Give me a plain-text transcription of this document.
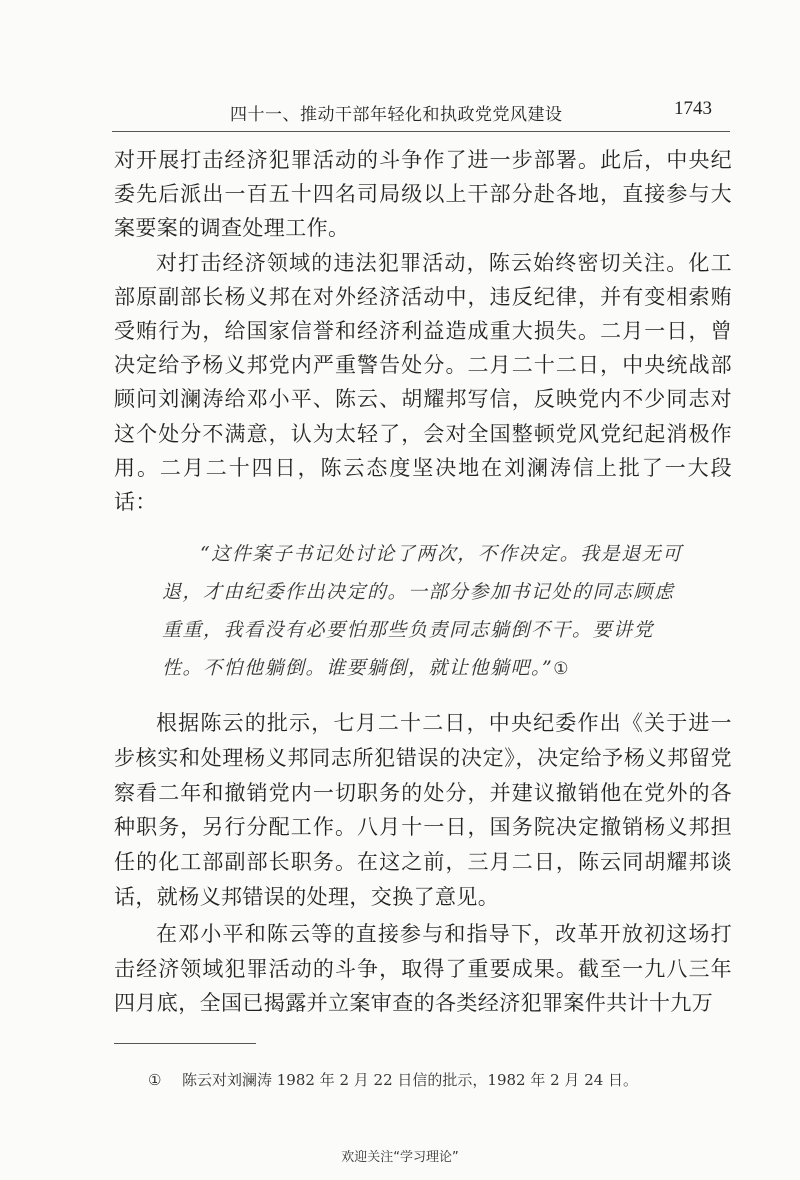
四十一、推动干部年轻化和执政党党风建设	1743

对开展打击经济犯罪活动的斗争作了进一步部署。此后，中央纪委先后派出一百五十四名司局级以上干部分赴各地，直接参与大案要案的调查处理工作。

对打击经济领域的违法犯罪活动，陈云始终密切关注。化工部原副部长杨义邦在对外经济活动中，违反纪律，并有变相索贿受贿行为，给国家信誉和经济利益造成重大损失。二月一日，曾决定给予杨义邦党内严重警告处分。二月二十二日，中央统战部顾问刘澜涛给邓小平、陈云、胡耀邦写信，反映党内不少同志对这个处分不满意，认为太轻了，会对全国整顿党风党纪起消极作用。二月二十四日，陈云态度坚决地在刘澜涛信上批了一大段话：

“这件案子书记处讨论了两次，不作决定。我是退无可退，才由纪委作出决定的。一部分参加书记处的同志顾虑重重，我看没有必要怕那些负责同志躺倒不干。要讲党性。不怕他躺倒。谁要躺倒，就让他躺吧。”①

根据陈云的批示，七月二十二日，中央纪委作出《关于进一步核实和处理杨义邦同志所犯错误的决定》，决定给予杨义邦留党察看二年和撤销党内一切职务的处分，并建议撤销他在党外的各种职务，另行分配工作。八月十一日，国务院决定撤销杨义邦担任的化工部副部长职务。在这之前，三月二日，陈云同胡耀邦谈话，就杨义邦错误的处理，交换了意见。

在邓小平和陈云等的直接参与和指导下，改革开放初这场打击经济领域犯罪活动的斗争，取得了重要成果。截至一九八三年四月底，全国已揭露并立案审查的各类经济犯罪案件共计十九万

① 陈云对刘澜涛 1982 年 2 月 22 日信的批示，1982 年 2 月 24 日。
欢迎关注“学习理论”
